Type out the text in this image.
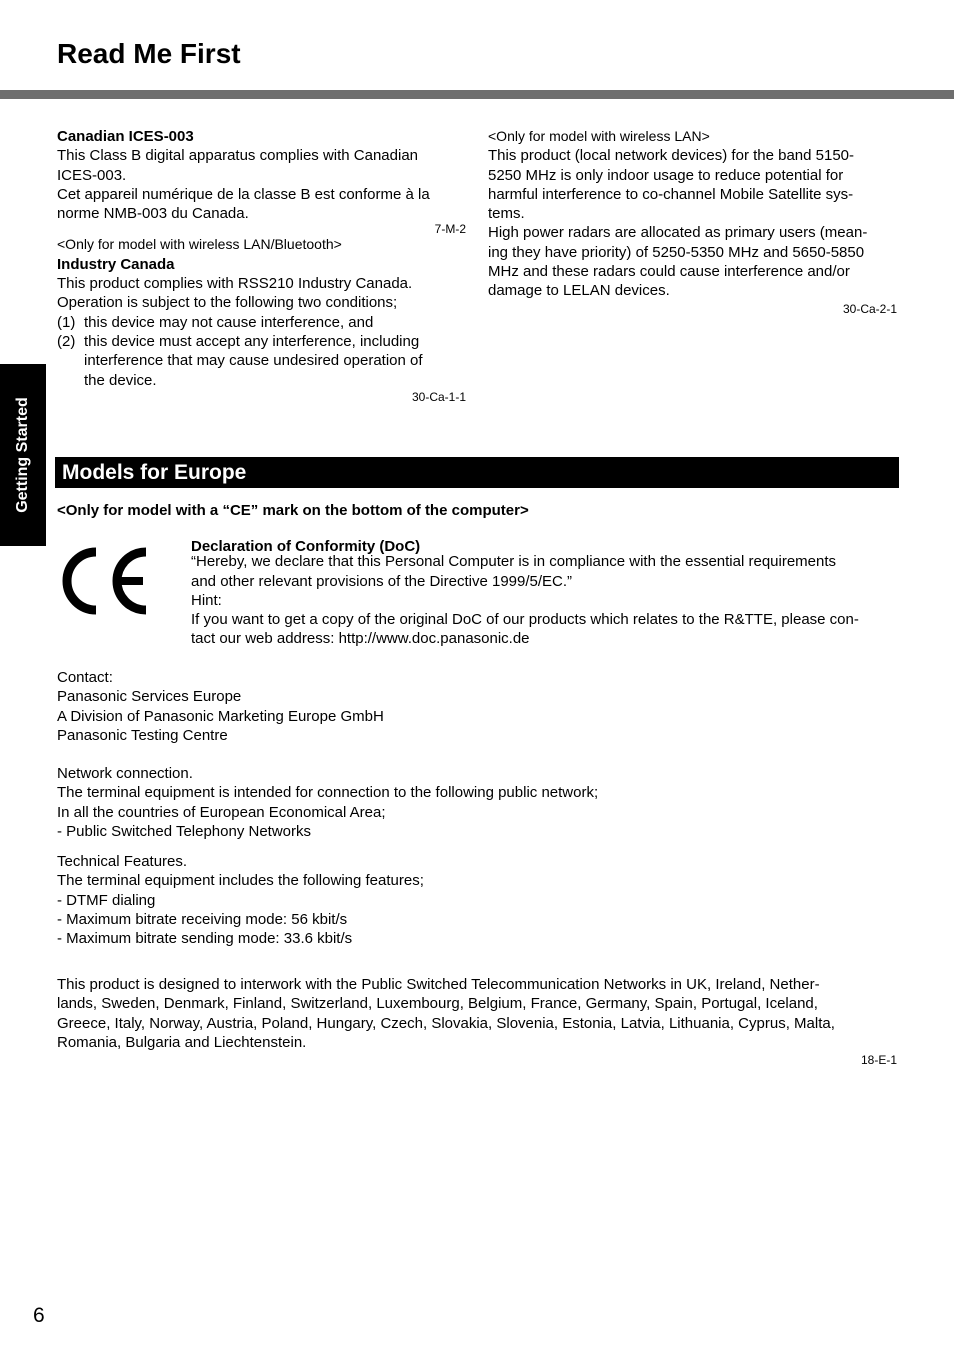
Read Me First
Getting Started

Canadian ICES-003

This Class B digital apparatus complies with Canadian

ICES-003.

Cet appareil numérique de la classe B est conforme à la

norme NMB-003 du Canada.

7-M-2

<Only for model with wireless LAN/Bluetooth>

Industry Canada

This product complies with RSS210 Industry Canada.

Operation is subject to the following two conditions;

(1) this device may not cause interference, and

(2) this device must accept any interference, including

interference that may cause undesired operation of

the device.

30-Ca-1-1

<Only for model with wireless LAN>

This product (local network devices) for the band 5150-

5250 MHz is only indoor usage to reduce potential for

harmful interference to co-channel Mobile Satellite sys-

tems.

High power radars are allocated as primary users (mean-

ing they have priority) of 5250-5350 MHz and 5650-5850

MHz and these radars could cause interference and/or

damage to LELAN devices.

30-Ca-2-1
Models for Europe
<Only for model with a “CE” mark on the bottom of the computer>

Declaration of Conformity (DoC)

“Hereby, we declare that this Personal Computer is in compliance with the essential requirements

and other relevant provisions of the Directive 1999/5/EC.”

Hint:

If you want to get a copy of the original DoC of our products which relates to the R&TTE, please con-

tact our web address: http://www.doc.panasonic.de

Contact:

Panasonic Services Europe

A Division of Panasonic Marketing Europe GmbH

Panasonic Testing Centre

Network connection.

The terminal equipment is intended for connection to the following public network;

In all the countries of European Economical Area;

- Public Switched Telephony Networks

Technical Features.

The terminal equipment includes the following features;

- DTMF dialing

- Maximum bitrate receiving mode: 56 kbit/s

- Maximum bitrate sending mode: 33.6 kbit/s

This product is designed to interwork with the Public Switched Telecommunication Networks in UK, Ireland, Nether-

lands, Sweden, Denmark, Finland, Switzerland, Luxembourg, Belgium, France, Germany, Spain, Portugal, Iceland,

Greece, Italy, Norway, Austria, Poland, Hungary, Czech, Slovakia, Slovenia, Estonia, Latvia, Lithuania, Cyprus, Malta,

Romania, Bulgaria and Liechtenstein.

18-E-1
6
